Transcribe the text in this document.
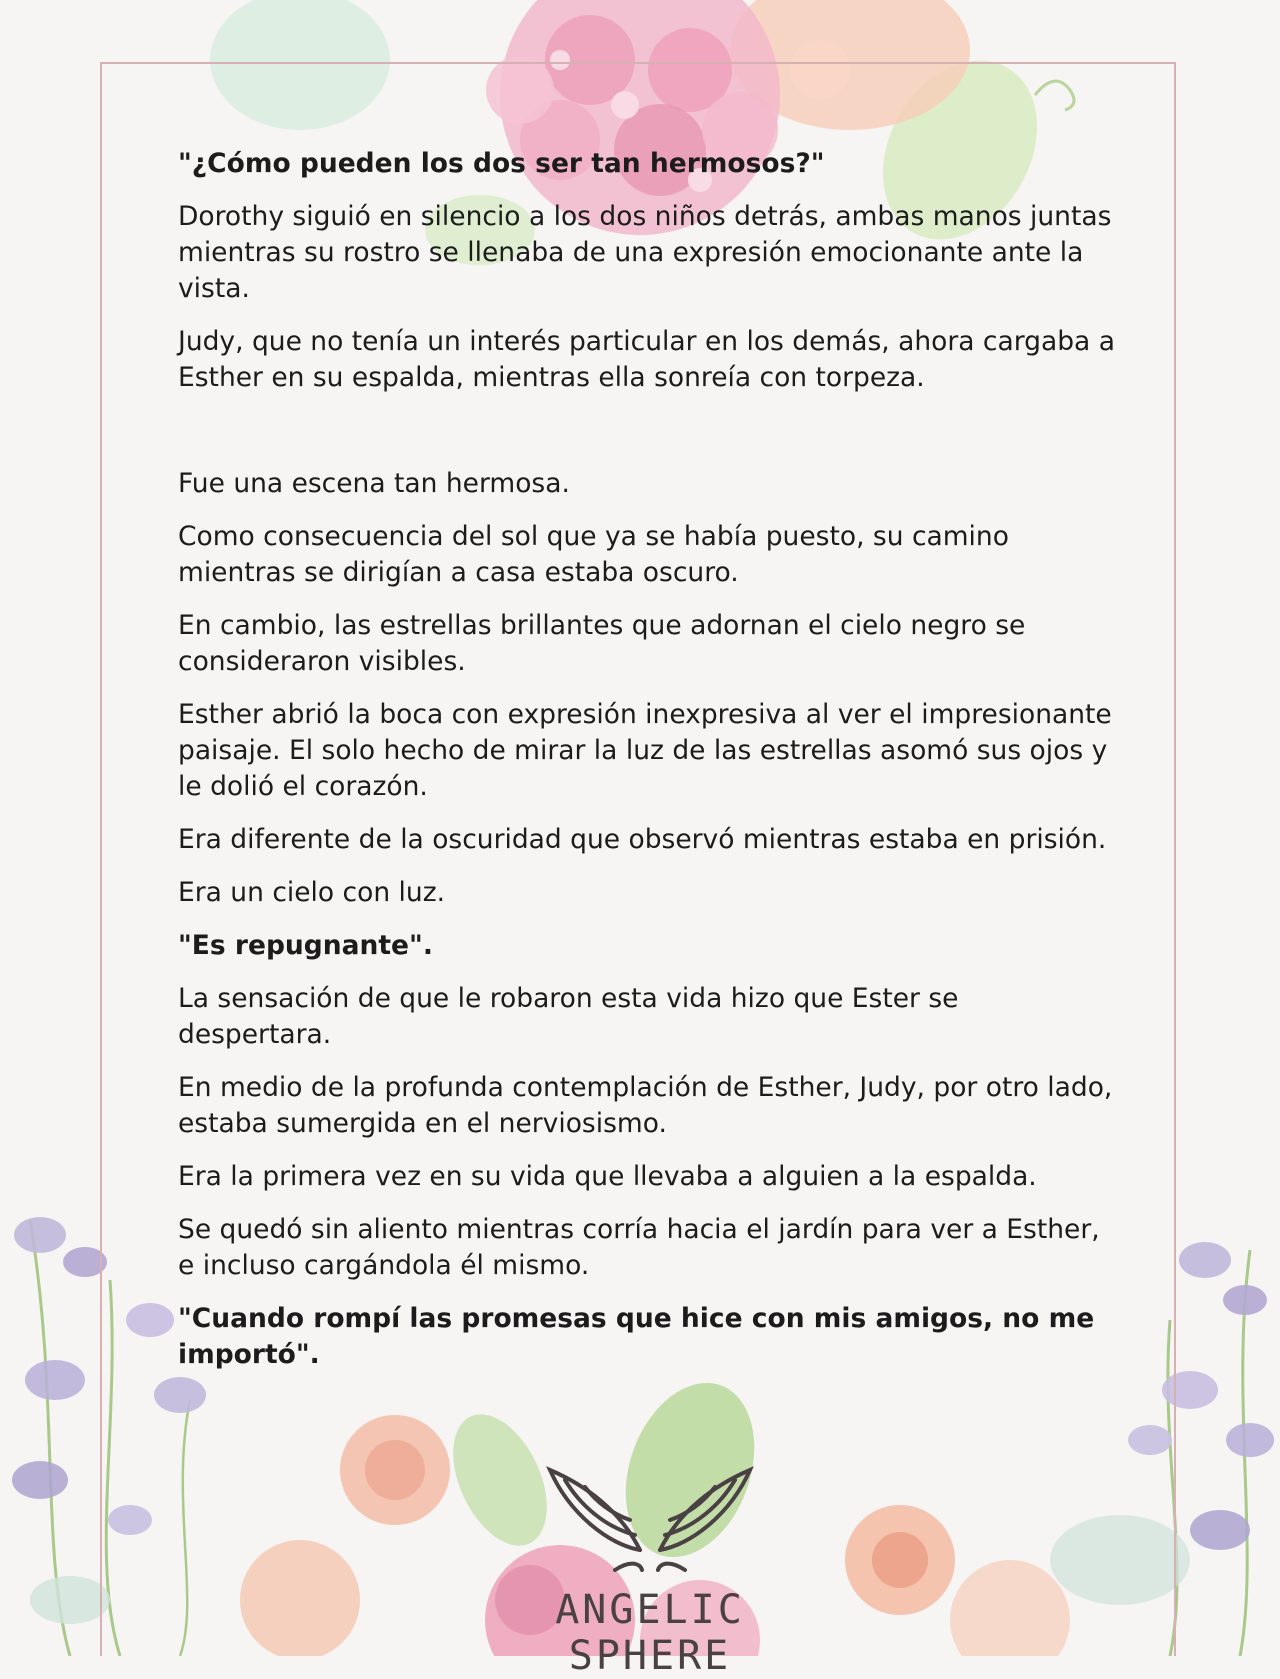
"¿Cómo pueden los dos ser tan hermosos?"

Dorothy siguió en silencio a los dos niños detrás, ambas manos juntas mientras su rostro se llenaba de una expresión emocionante ante la vista.

Judy, que no tenía un interés particular en los demás, ahora cargaba a Esther en su espalda, mientras ella sonreía con torpeza.

Fue una escena tan hermosa.

Como consecuencia del sol que ya se había puesto, su camino mientras se dirigían a casa estaba oscuro.

En cambio, las estrellas brillantes que adornan el cielo negro se consideraron visibles.

Esther abrió la boca con expresión inexpresiva al ver el impresionante paisaje. El solo hecho de mirar la luz de las estrellas asomó sus ojos y le dolió el corazón.

Era diferente de la oscuridad que observó mientras estaba en prisión.

Era un cielo con luz.

"Es repugnante".

La sensación de que le robaron esta vida hizo que Ester se despertara.

En medio de la profunda contemplación de Esther, Judy, por otro lado, estaba sumergida en el nerviosismo.

Era la primera vez en su vida que llevaba a alguien a la espalda.

Se quedó sin aliento mientras corría hacia el jardín para ver a Esther, e incluso cargándola él mismo.

"Cuando rompí las promesas que hice con mis amigos, no me importó".

ANGELIC SPHERE
